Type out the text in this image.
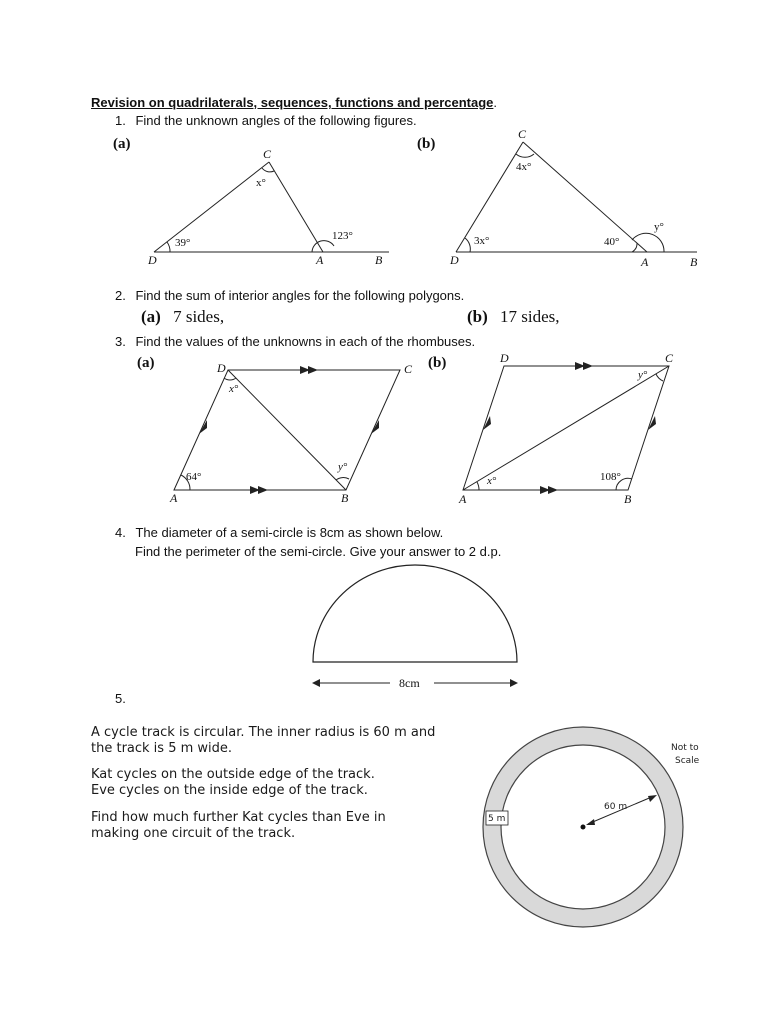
Revision on quadrilaterals, sequences, functions and percentage.
1. Find the unknown angles of the following figures.
(a)
C
D	A	B
x°
39°
123°
(b)
C
D	A	B
4x°
3x°	40°
y°
2. Find the sum of interior angles for the following polygons.
(a) 7 sides,	(b) 17 sides,
3. Find the values of the unknowns in each of the rhombuses.
(a)	D	C
A	B
x°
64°
y°
(b)	D	C
A	B
y°
x°	108°
4. The diameter of a semi-circle is 8cm as shown below.
Find the perimeter of the semi-circle. Give your answer to 2 d.p.
8cm
5.
A cycle track is circular. The inner radius is 60 m and the track is 5 m wide.
Kat cycles on the outside edge of the track.
Eve cycles on the inside edge of the track.
Find how much further Kat cycles than Eve in making one circuit of the track.
60 m
5 m
Not to
Scale
